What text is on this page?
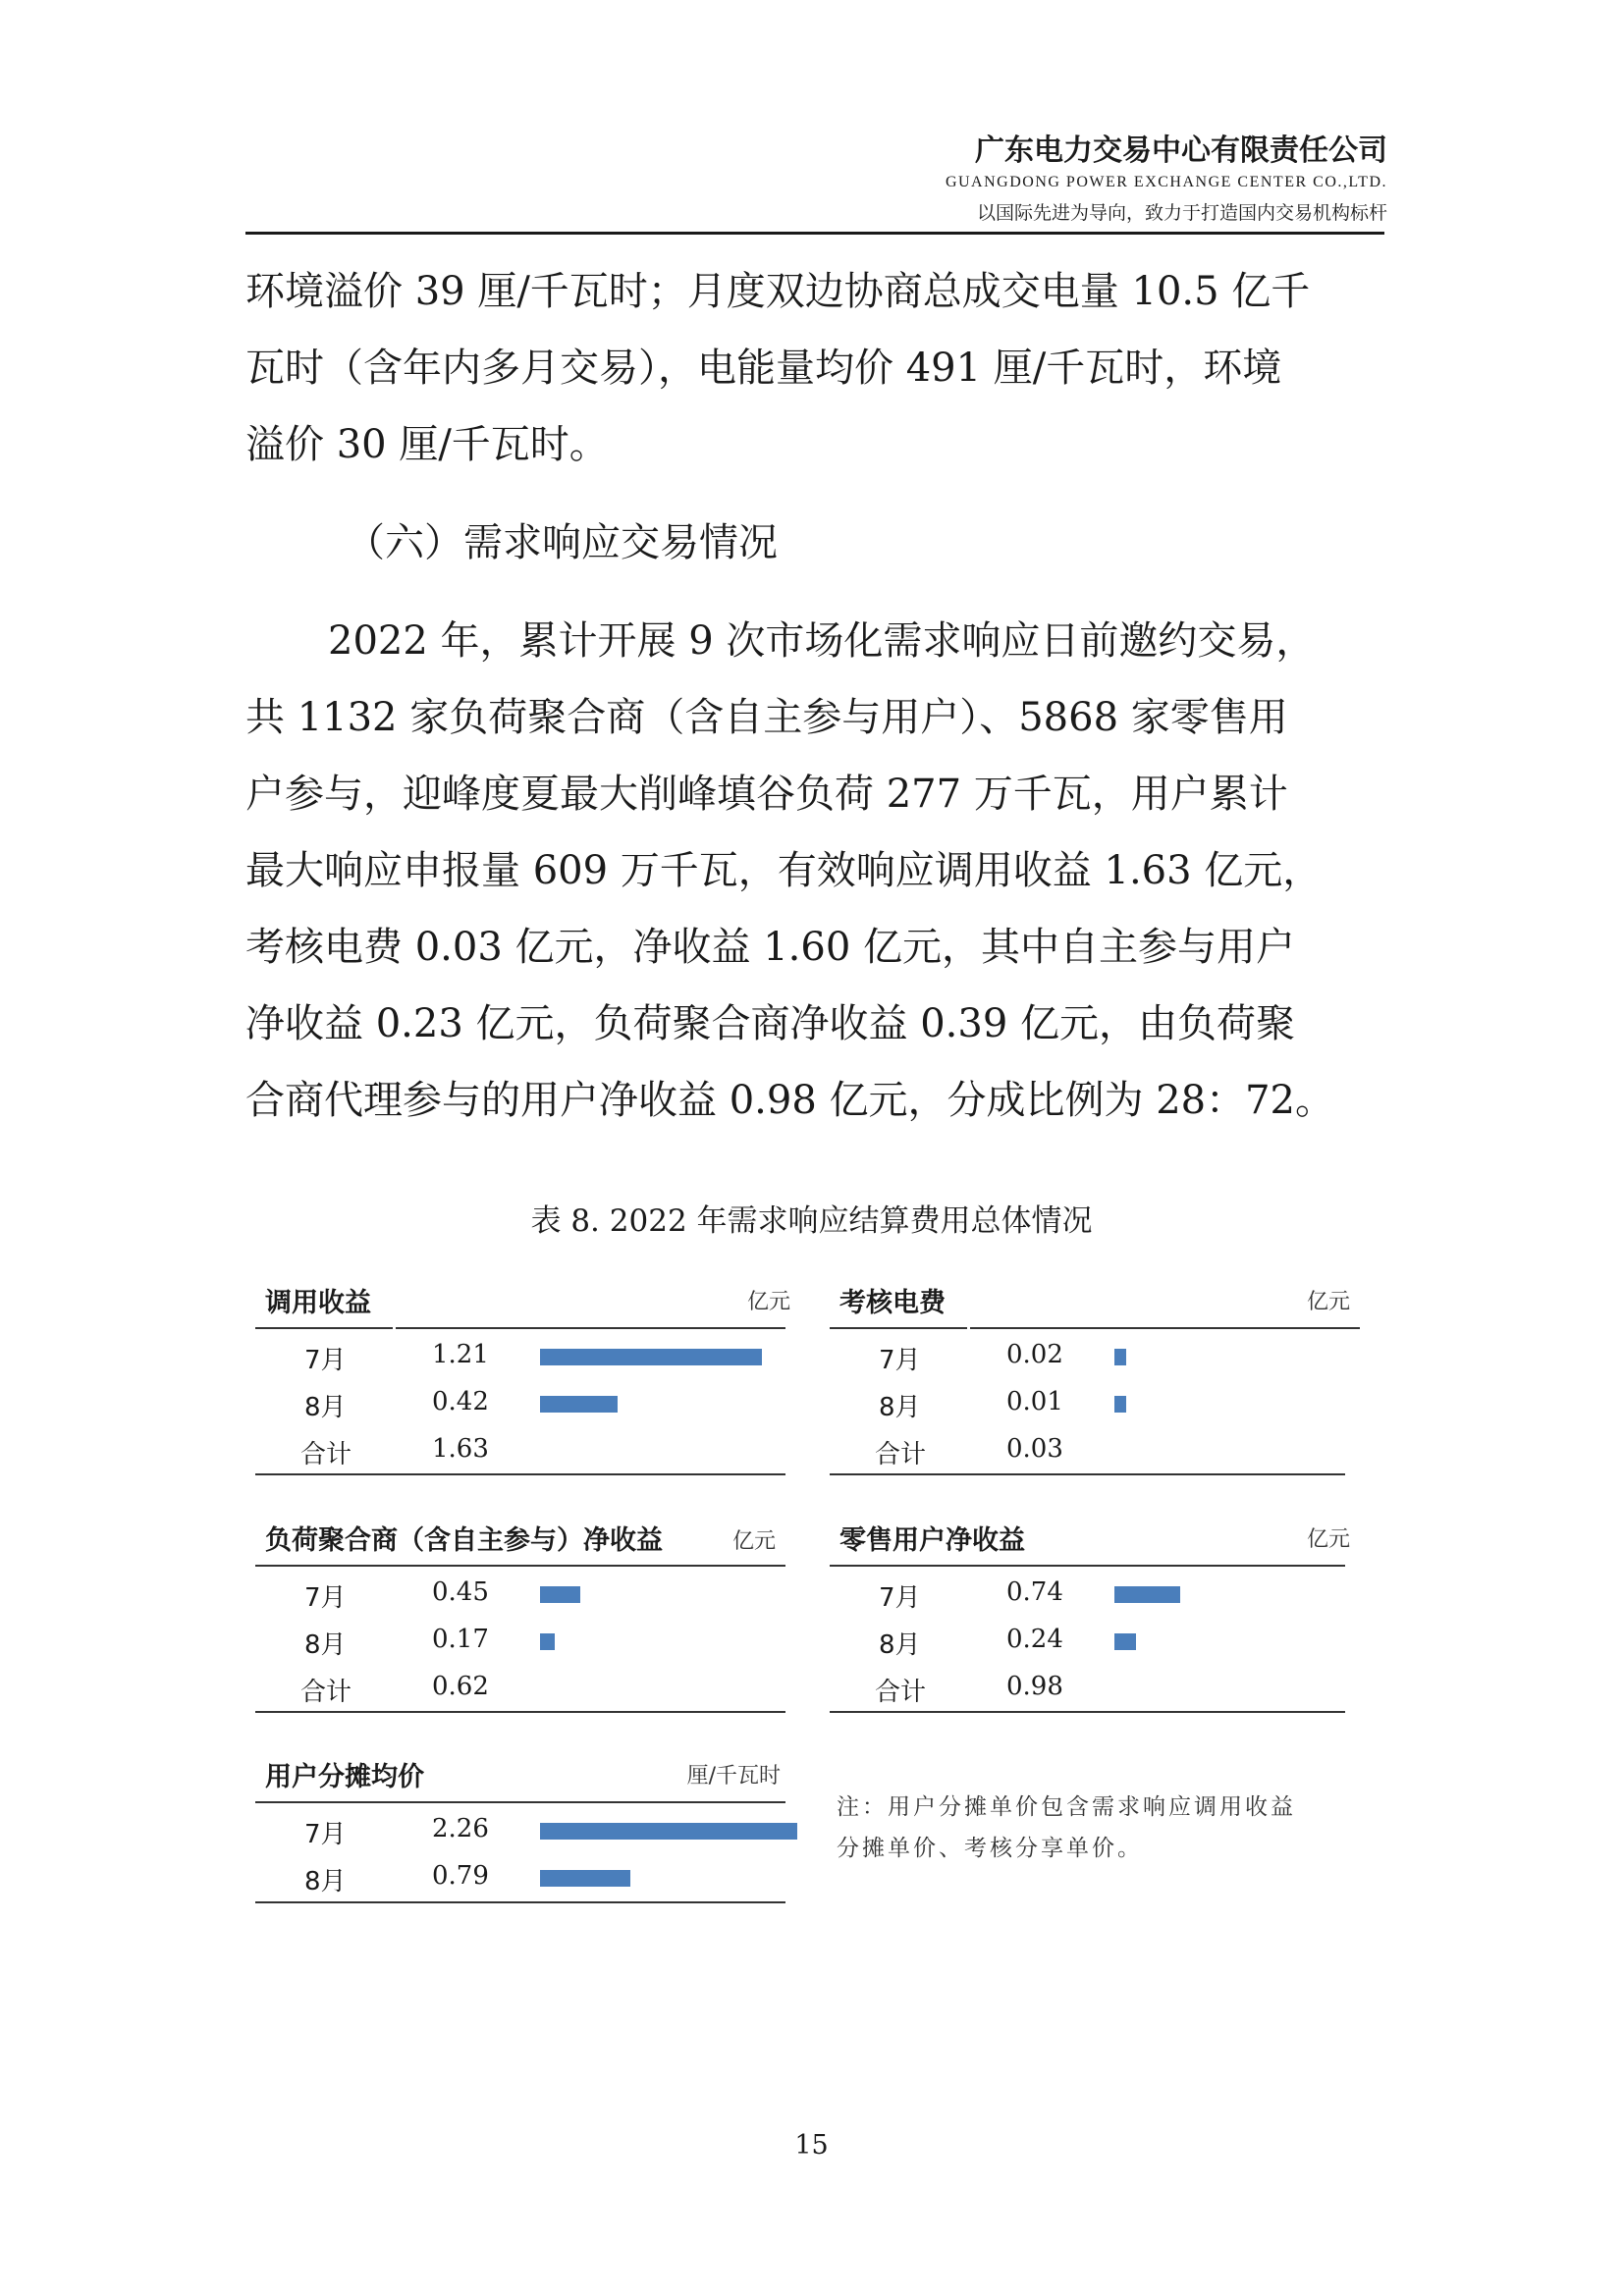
广东电力交易中心有限责任公司
GUANGDONG POWER EXCHANGE CENTER CO.,LTD.
以国际先进为导向，致力于打造国内交易机构标杆
环境溢价 39 厘/千瓦时；月度双边协商总成交电量 10.5 亿千
瓦时（含年内多月交易），电能量均价 491 厘/千瓦时，环境
溢价 30 厘/千瓦时。
（六）需求响应交易情况
2022 年，累计开展 9 次市场化需求响应日前邀约交易，
共 1132 家负荷聚合商（含自主参与用户）、5868 家零售用
户参与，迎峰度夏最大削峰填谷负荷 277 万千瓦，用户累计
最大响应申报量 609 万千瓦，有效响应调用收益 1.63 亿元，
考核电费 0.03 亿元，净收益 1.60 亿元，其中自主参与用户
净收益 0.23 亿元，负荷聚合商净收益 0.39 亿元，由负荷聚
合商代理参与的用户净收益 0.98 亿元，分成比例为 28：72。
表 8. 2022 年需求响应结算费用总体情况
调用收益	亿元
7月	1.21
8月	0.42
合计	1.63
考核电费	亿元
7月	0.02
8月	0.01
合计	0.03
负荷聚合商（含自主参与）净收益	亿元
7月	0.45
8月	0.17
合计	0.62
零售用户净收益	亿元
7月	0.74
8月	0.24
合计	0.98
用户分摊均价	厘/千瓦时
7月	2.26
8月	0.79
注：用户分摊单价包含需求响应调用收益
分摊单价、考核分享单价。
15
